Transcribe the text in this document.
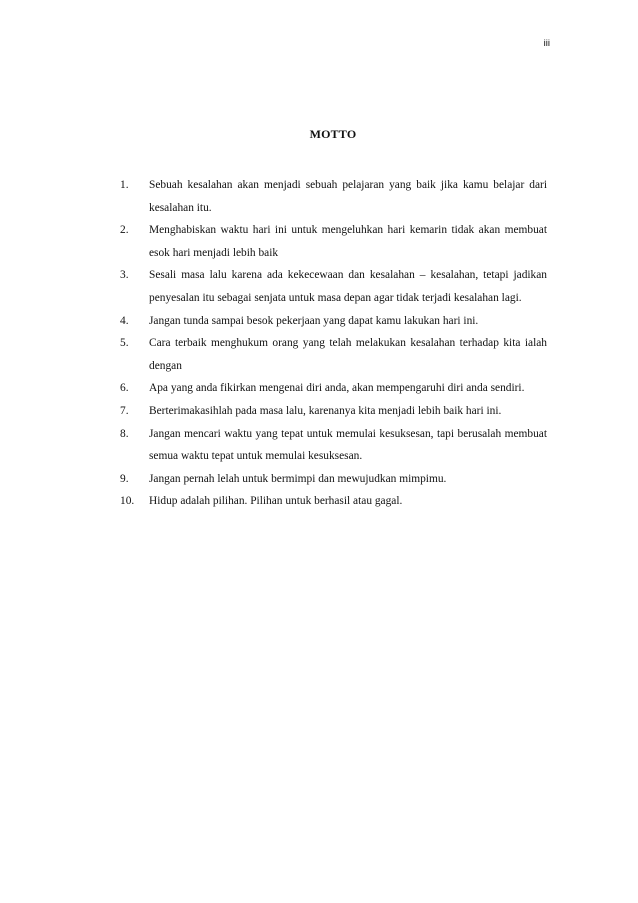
iii
MOTTO
1. Sebuah kesalahan akan menjadi sebuah pelajaran yang baik jika kamu belajar dari kesalahan itu.
2. Menghabiskan waktu hari ini untuk mengeluhkan hari kemarin tidak akan membuat esok hari menjadi lebih baik
3. Sesali masa lalu karena ada kekecewaan dan kesalahan – kesalahan, tetapi jadikan penyesalan itu sebagai senjata untuk masa depan agar tidak terjadi kesalahan lagi.
4. Jangan tunda sampai besok pekerjaan yang dapat kamu lakukan hari ini.
5. Cara terbaik menghukum orang yang telah melakukan kesalahan terhadap kita ialah dengan
6. Apa yang anda fikirkan mengenai diri anda, akan mempengaruhi diri anda sendiri.
7. Berterimakasihlah pada masa lalu, karenanya kita menjadi lebih baik hari ini.
8. Jangan mencari waktu yang tepat untuk memulai kesuksesan, tapi berusalah membuat semua waktu tepat untuk memulai kesuksesan.
9. Jangan pernah lelah untuk bermimpi dan mewujudkan mimpimu.
10. Hidup adalah pilihan. Pilihan untuk berhasil atau gagal.
